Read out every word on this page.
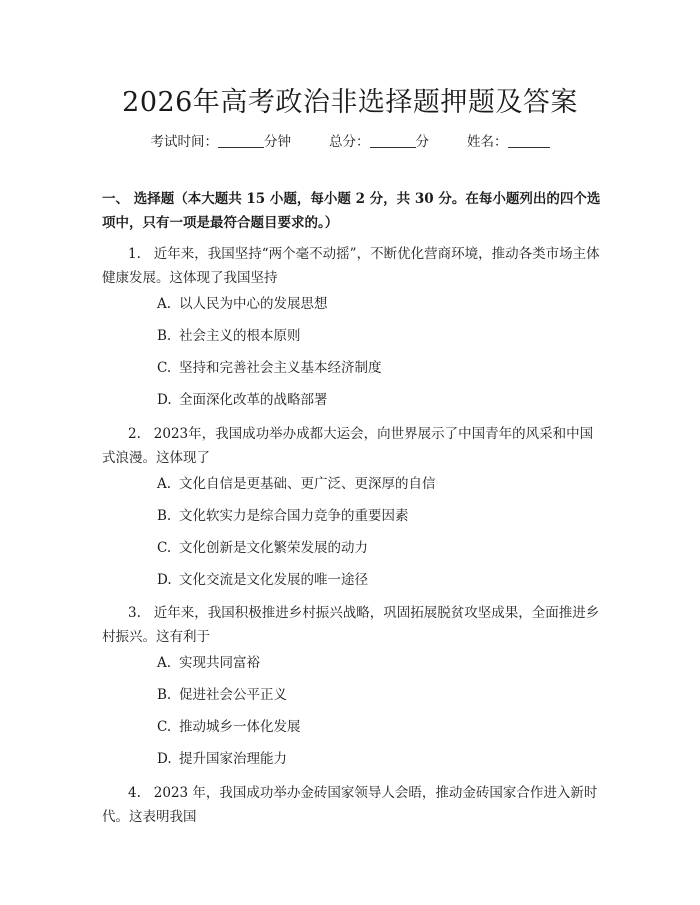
2026年高考政治非选择题押题及答案
考试时间：	分钟	总分：	分	姓名：
一、 选择题（本大题共 15 小题，每小题 2 分，共 30 分。在每小题列出的四个选项中，只有一项是最符合题目要求的。）
1. 近年来，我国坚持“两个毫不动摇”，不断优化营商环境，推动各类市场主体健康发展。这体现了我国坚持
A. 以人民为中心的发展思想
B. 社会主义的根本原则
C. 坚持和完善社会主义基本经济制度
D. 全面深化改革的战略部署
2. 2023年，我国成功举办成都大运会，向世界展示了中国青年的风采和中国式浪漫。这体现了
A. 文化自信是更基础、更广泛、更深厚的自信
B. 文化软实力是综合国力竞争的重要因素
C. 文化创新是文化繁荣发展的动力
D. 文化交流是文化发展的唯一途径
3. 近年来，我国积极推进乡村振兴战略，巩固拓展脱贫攻坚成果，全面推进乡村振兴。这有利于
A. 实现共同富裕
B. 促进社会公平正义
C. 推动城乡一体化发展
D. 提升国家治理能力
4. 2023 年，我国成功举办金砖国家领导人会晤，推动金砖国家合作进入新时代。这表明我国
